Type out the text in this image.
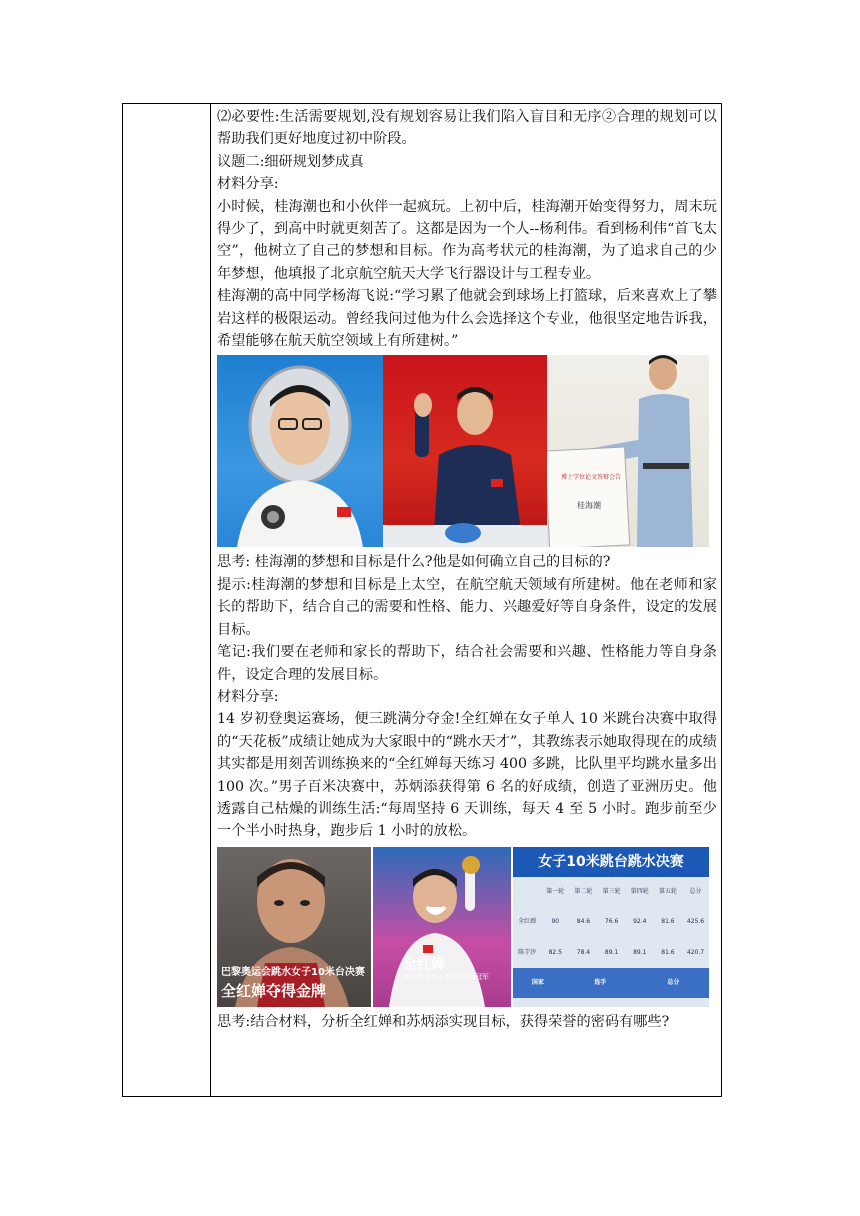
⑵必要性:生活需要规划,没有规划容易让我们陷入盲目和无序②合理的规划可以帮助我们更好地度过初中阶段。

议题二:细研规划梦成真

材料分享:

小时候，桂海潮也和小伙伴一起疯玩。上初中后，桂海潮开始变得努力，周末玩得少了，到高中时就更刻苦了。这都是因为一个人--杨利伟。看到杨利伟“首飞太空”，他树立了自己的梦想和目标。作为高考状元的桂海潮，为了追求自己的少年梦想，他填报了北京航空航天大学飞行器设计与工程专业。

桂海潮的高中同学杨海飞说:“学习累了他就会到球场上打篮球，后来喜欢上了攀岩这样的极限运动。曾经我问过他为什么会选择这个专业，他很坚定地告诉我，希望能够在航天航空领域上有所建树。”

博士学位论文答辩会告
桂海潮

思考: 桂海潮的梦想和目标是什么?他是如何确立自己的目标的?

提示:桂海潮的梦想和目标是上太空，在航空航天领域有所建树。他在老师和家长的帮助下，结合自己的需要和性格、能力、兴趣爱好等自身条件，设定的发展目标。

笔记:我们要在老师和家长的帮助下，结合社会需要和兴趣、性格能力等自身条件，设定合理的发展目标。

材料分享:

14 岁初登奥运赛场，便三跳满分夺金!全红婵在女子单人 10 米跳台决赛中取得的“天花板”成绩让她成为大家眼中的“跳水天才”，其教练表示她取得现在的成绩其实都是用刻苦训练换来的“全红婵每天练习 400 多跳，比队里平均跳水量多出 100 次。”男子百米决赛中，苏炳添获得第 6 名的好成绩，创造了亚洲历史。他透露自己枯燥的训练生活:“每周坚持 6 天训练，每天 4 至 5 小时。跑步前至少一个半小时热身，跑步后 1 小时的放松。

巴黎奥运会跳水女子10米台决赛
全红婵夺得金牌
全红婵
跳水女子单人10米跳台冠军
女子10米跳台跳水决赛
	第一轮	第二轮	第三轮	第四轮	第五轮	总分
全红婵	90	84.6	76.6	92.4	81.6	425.6
陈芋汐	82.5	78.4	89.1	89.1	81.6	420.7
国家	选手	总分

思考:结合材料，分析全红婵和苏炳添实现目标，获得荣誉的密码有哪些?
